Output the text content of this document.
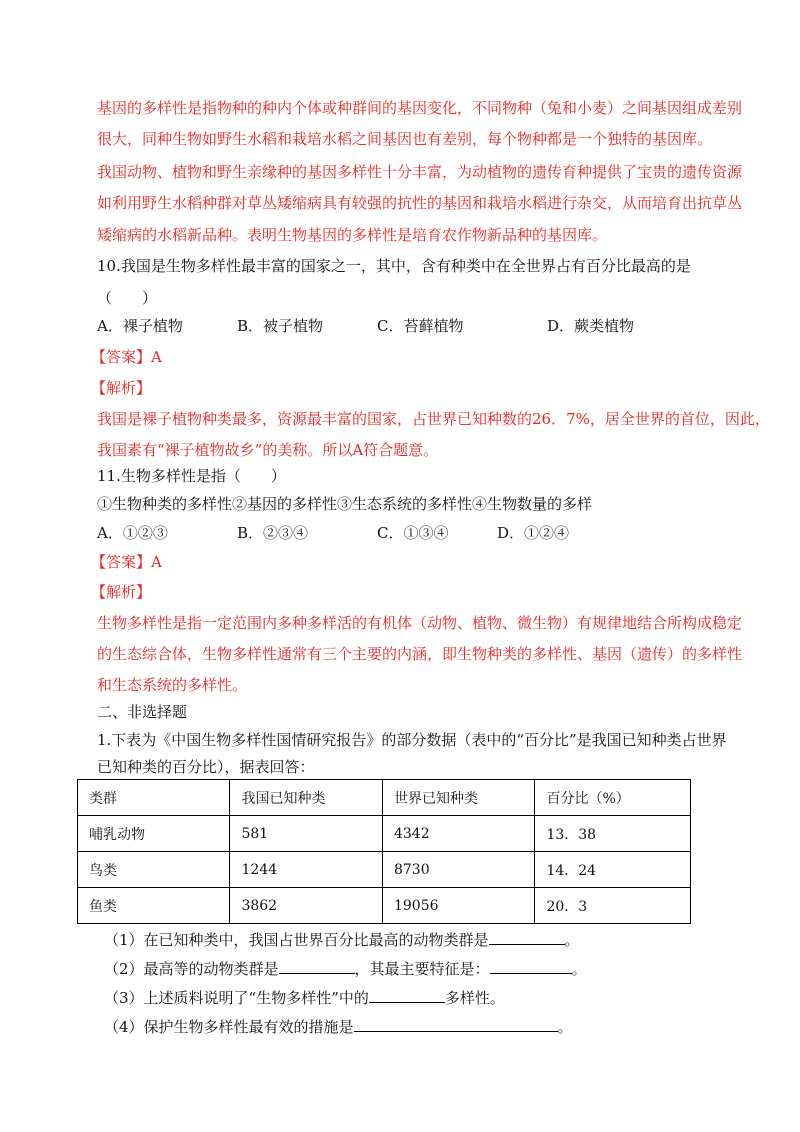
基因的多样性是指物种的种内个体或种群间的基因变化，不同物种（兔和小麦）之间基因组成差别
很大，同种生物如野生水稻和栽培水稻之间基因也有差别，每个物种都是一个独特的基因库。
我国动物、植物和野生亲缘种的基因多样性十分丰富，为动植物的遗传育种提供了宝贵的遗传资源
如利用野生水稻种群对草丛矮缩病具有较强的抗性的基因和栽培水稻进行杂交，从而培育出抗草丛
矮缩病的水稻新品种。表明生物基因的多样性是培育农作物新品种的基因库。
10.我国是生物多样性最丰富的国家之一，其中，含有种类中在全世界占有百分比最高的是
（　　）
A．裸子植物	B．被子植物	C．苔藓植物	D．蕨类植物
【答案】A
【解析】
我国是裸子植物种类最多，资源最丰富的国家，占世界已知种数的26．7%，居全世界的首位，因此，
我国素有“裸子植物故乡”的美称。所以A符合题意。
11.生物多样性是指（　　）
①生物种类的多样性②基因的多样性③生态系统的多样性④生物数量的多样
A．①②③	B．②③④	C．①③④	D．①②④
【答案】A
【解析】
生物多样性是指一定范围内多种多样活的有机体（动物、植物、微生物）有规律地结合所构成稳定
的生态综合体，生物多样性通常有三个主要的内涵，即生物种类的多样性、基因（遗传）的多样性
和生态系统的多样性。
二、非选择题
1.下表为《中国生物多样性国情研究报告》的部分数据（表中的“百分比”是我国已知种类占世界
已知种类的百分比），据表回答：
类群	我国已知种类	世界已知种类	百分比（%）
哺乳动物	581	4342	13．38
鸟类	1244	8730	14．24
鱼类	3862	19056	20．3
（1）在已知种类中，我国占世界百分比最高的动物类群是	。
（2）最高等的动物类群是	，其最主要特征是：	。
（3）上述质料说明了“生物多样性”中的	多样性。
（4）保护生物多样性最有效的措施是	。
